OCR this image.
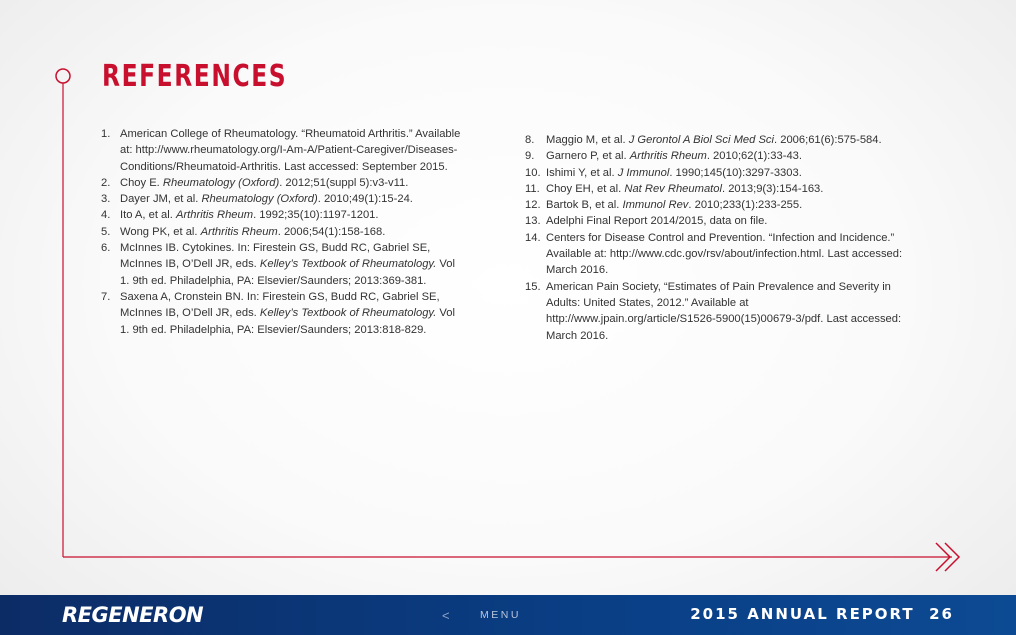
REFERENCES
1. American College of Rheumatology. “Rheumatoid Arthritis.” Available at: http://www.rheumatology.org/I-Am-A/Patient-Caregiver/Diseases-Conditions/Rheumatoid-Arthritis. Last accessed: September 2015.
2. Choy E. Rheumatology (Oxford). 2012;51(suppl 5):v3-v11.
3. Dayer JM, et al. Rheumatology (Oxford). 2010;49(1):15-24.
4. Ito A, et al. Arthritis Rheum. 1992;35(10):1197-1201.
5. Wong PK, et al. Arthritis Rheum. 2006;54(1):158-168.
6. McInnes IB. Cytokines. In: Firestein GS, Budd RC, Gabriel SE, McInnes IB, O’Dell JR, eds. Kelley’s Textbook of Rheumatology. Vol 1. 9th ed. Philadelphia, PA: Elsevier/Saunders; 2013:369-381.
7. Saxena A, Cronstein BN. In: Firestein GS, Budd RC, Gabriel SE, McInnes IB, O’Dell JR, eds. Kelley’s Textbook of Rheumatology. Vol 1. 9th ed. Philadelphia, PA: Elsevier/Saunders; 2013:818-829.
8.	Maggio M, et al. J Gerontol A Biol Sci Med Sci. 2006;61(6):575-584.
9.	Garnero P, et al. Arthritis Rheum. 2010;62(1):33-43.
10. Ishimi Y, et al. J Immunol. 1990;145(10):3297-3303.
11. Choy EH, et al. Nat Rev Rheumatol. 2013;9(3):154-163.
12. Bartok B, et al. Immunol Rev. 2010;233(1):233-255.
13. Adelphi Final Report 2014/2015, data on file.
14. Centers for Disease Control and Prevention. “Infection and Incidence.” Available at: http://www.cdc.gov/rsv/about/infection.html. Last accessed: March 2016.
15. American Pain Society, “Estimates of Pain Prevalence and Severity in Adults: United States, 2012.” Available at http://www.jpain.org/article/S1526-5900(15)00679-3/pdf. Last accessed: March 2016.
REGENERON	<	MENU	2015 ANNUAL REPORT 26
